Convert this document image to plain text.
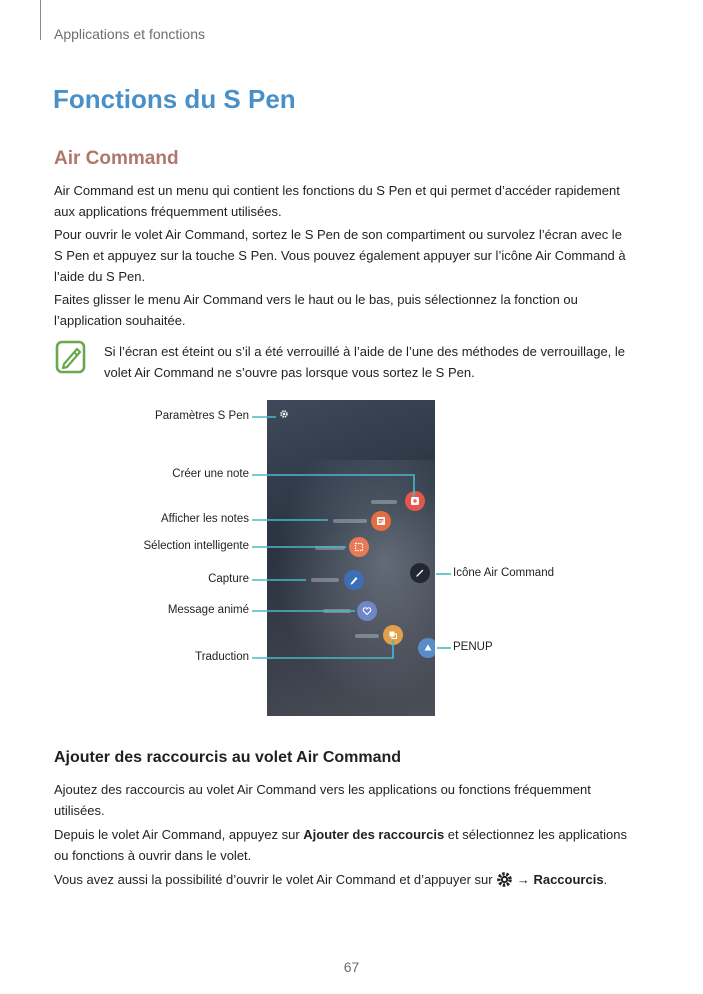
Applications et fonctions
Fonctions du S Pen
Air Command

Air Command est un menu qui contient les fonctions du S Pen et qui permet d’accéder rapidement
aux applications fréquemment utilisées.

Pour ouvrir le volet Air Command, sortez le S Pen de son compartiment ou survolez l’écran avec le
S Pen et appuyez sur la touche S Pen. Vous pouvez également appuyer sur l’icône Air Command à
l’aide du S Pen.

Faites glisser le menu Air Command vers le haut ou le bas, puis sélectionnez la fonction ou
l’application souhaitée.

Si l’écran est éteint ou s’il a été verrouillé à l’aide de l’une des méthodes de verrouillage, le
volet Air Command ne s’ouvre pas lorsque vous sortez le S Pen.

Paramètres S Pen
Créer une note
Afficher les notes
Sélection intelligente
Capture
Message animé
Traduction
Icône Air Command
PENUP
Ajouter des raccourcis au volet Air Command

Ajoutez des raccourcis au volet Air Command vers les applications ou fonctions fréquemment
utilisées.

Depuis le volet Air Command, appuyez sur Ajouter des raccourcis et sélectionnez les applications
ou fonctions à ouvrir dans le volet.

Vous avez aussi la possibilité d’ouvrir le volet Air Command et d’appuyer sur  → Raccourcis.

67
